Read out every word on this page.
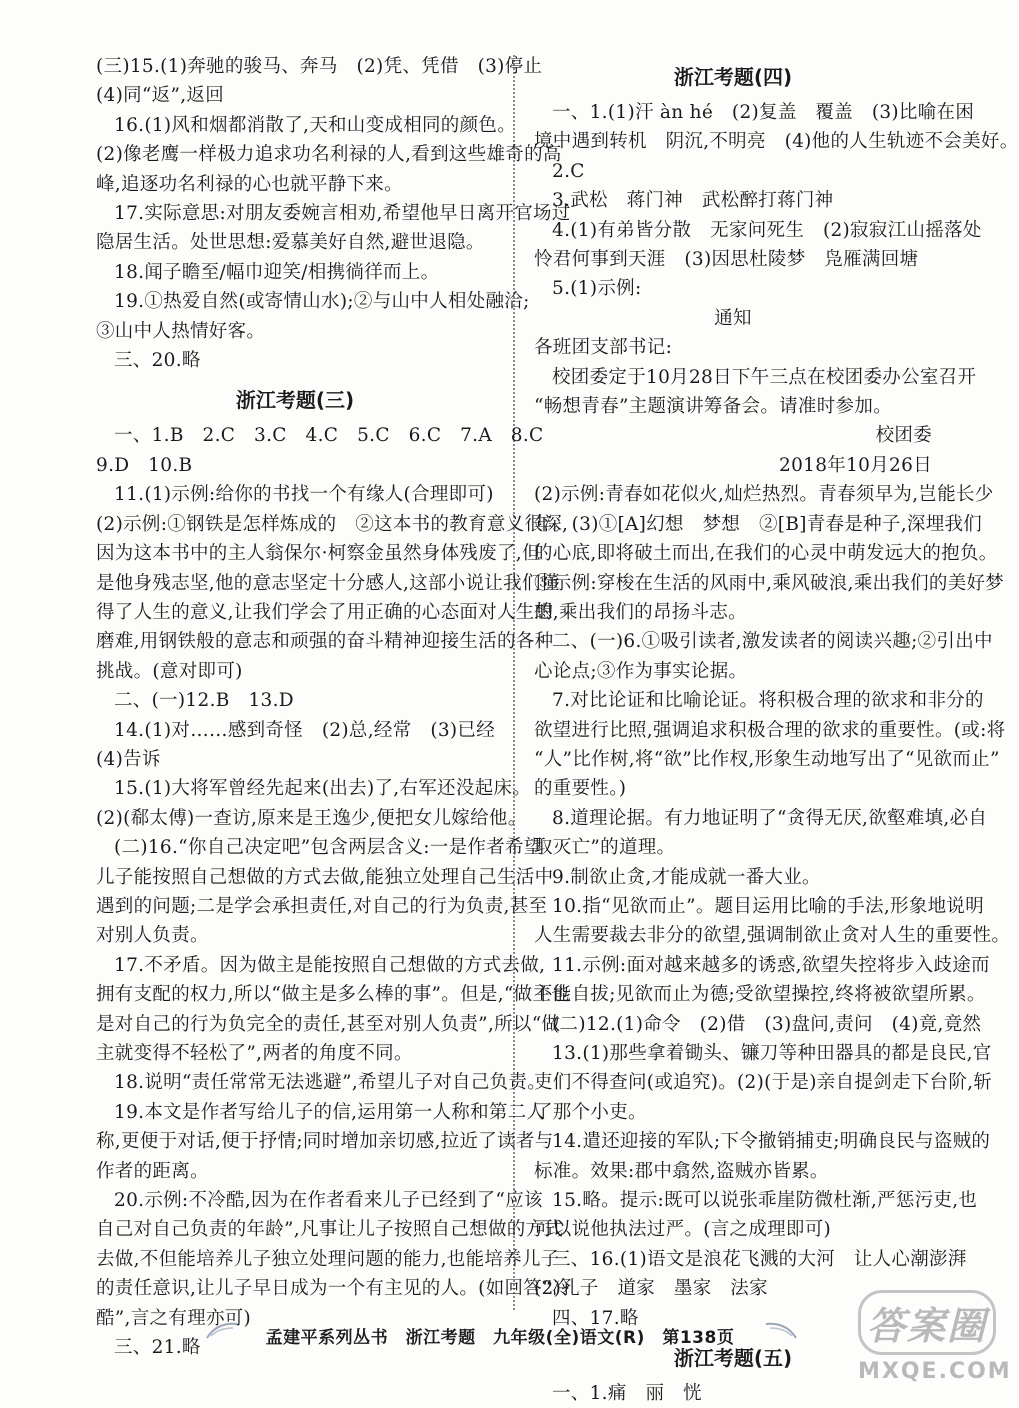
(三)15.(1)奔驰的骏马、奔马　(2)凭、凭借　(3)停止
(4)同“返”,返回
16.(1)风和烟都消散了,天和山变成相同的颜色。
(2)像老鹰一样极力追求功名利禄的人,看到这些雄奇的高
峰,追逐功名利禄的心也就平静下来。
17.实际意思:对朋友委婉言相劝,希望他早日离开官场过
隐居生活。处世思想:爱慕美好自然,避世退隐。
18.闻子瞻至/幅巾迎笑/相携徜徉而上。
19.①热爱自然(或寄情山水);②与山中人相处融洽;
③山中人热情好客。
三、20.略
浙江考题(三)
一、1.B　2.C　3.C　4.C　5.C　6.C　7.A　8.C
9.D　10.B
11.(1)示例:给你的书找一个有缘人(合理即可)
(2)示例:①钢铁是怎样炼成的　②这本书的教育意义很深,
因为这本书中的主人翁保尔·柯察金虽然身体残废了,但
是他身残志坚,他的意志坚定十分感人,这部小说让我们懂
得了人生的意义,让我们学会了用正确的心态面对人生的
磨难,用钢铁般的意志和顽强的奋斗精神迎接生活的各种
挑战。(意对即可)
二、(一)12.B　13.D
14.(1)对……感到奇怪　(2)总,经常　(3)已经
(4)告诉
15.(1)大将军曾经先起来(出去)了,右军还没起床。
(2)(郗太傅)一查访,原来是王逸少,便把女儿嫁给他。
(二)16.“你自己决定吧”包含两层含义:一是作者希望
儿子能按照自己想做的方式去做,能独立处理自己生活中
遇到的问题;二是学会承担责任,对自己的行为负责,甚至
对别人负责。
17.不矛盾。因为做主是能按照自己想做的方式去做,
拥有支配的权力,所以“做主是多么棒的事”。但是,“做主也
是对自己的行为负完全的责任,甚至对别人负责”,所以“做
主就变得不轻松了”,两者的角度不同。
18.说明“责任常常无法逃避”,希望儿子对自己负责。
19.本文是作者写给儿子的信,运用第一人称和第二人
称,更便于对话,便于抒情;同时增加亲切感,拉近了读者与
作者的距离。
20.示例:不冷酷,因为在作者看来儿子已经到了“应该
自己对自己负责的年龄”,凡事让儿子按照自己想做的方式
去做,不但能培养儿子独立处理问题的能力,也能培养儿子
的责任意识,让儿子早日成为一个有主见的人。(如回答“冷
酷”,言之有理亦可)
三、21.略
浙江考题(四)
一、1.(1)汗 àn hé　(2)复盖　覆盖　(3)比喻在困
境中遇到转机　阴沉,不明亮　(4)他的人生轨迹不会美好。
2.C
3.武松　蒋门神　武松醉打蒋门神
4.(1)有弟皆分散　无家问死生　(2)寂寂江山摇落处
怜君何事到天涯　(3)因思杜陵梦　凫雁满回塘
5.(1)示例:
通知
各班团支部书记:
校团委定于10月28日下午三点在校团委办公室召开
“畅想青春”主题演讲筹备会。请准时参加。
校团委
2018年10月26日
(2)示例:青春如花似火,灿烂热烈。青春须早为,岂能长少
年。(3)①[A]幻想　梦想　②[B]青春是种子,深埋我们
的心底,即将破土而出,在我们的心灵中萌发远大的抱负。
③示例:穿梭在生活的风雨中,乘风破浪,乘出我们的美好梦
想,乘出我们的昂扬斗志。
二、(一)6.①吸引读者,激发读者的阅读兴趣;②引出中
心论点;③作为事实论据。
7.对比论证和比喻论证。将积极合理的欲求和非分的
欲望进行比照,强调追求积极合理的欲求的重要性。(或:将
“人”比作树,将“欲”比作杈,形象生动地写出了“见欲而止”
的重要性。)
8.道理论据。有力地证明了“贪得无厌,欲壑难填,必自
取灭亡”的道理。
9.制欲止贪,才能成就一番大业。
10.指“见欲而止”。题目运用比喻的手法,形象地说明
人生需要裁去非分的欲望,强调制欲止贪对人生的重要性。
11.示例:面对越来越多的诱惑,欲望失控将步入歧途而
不能自拔;见欲而止为德;受欲望操控,终将被欲望所累。
(二)12.(1)命令　(2)借　(3)盘问,责问　(4)竟,竟然
13.(1)那些拿着锄头、镰刀等种田器具的都是良民,官
吏们不得查问(或追究)。(2)(于是)亲自提剑走下台阶,斩
了那个小吏。
14.遣还迎接的军队;下令撤销捕吏;明确良民与盗贼的
标准。效果:郡中翕然,盗贼亦皆累。
15.略。提示:既可以说张乖崖防微杜渐,严惩污吏,也
可以说他执法过严。(言之成理即可)
三、16.(1)语文是浪花飞溅的大河　让人心潮澎湃
(2)孔子　道家　墨家　法家
四、17.略
浙江考题(五)
一、1.痛　丽　恍
孟建平系列丛书　浙江考题　九年级(全)语文(R)　第138页	答案圈
MXQE.COM
